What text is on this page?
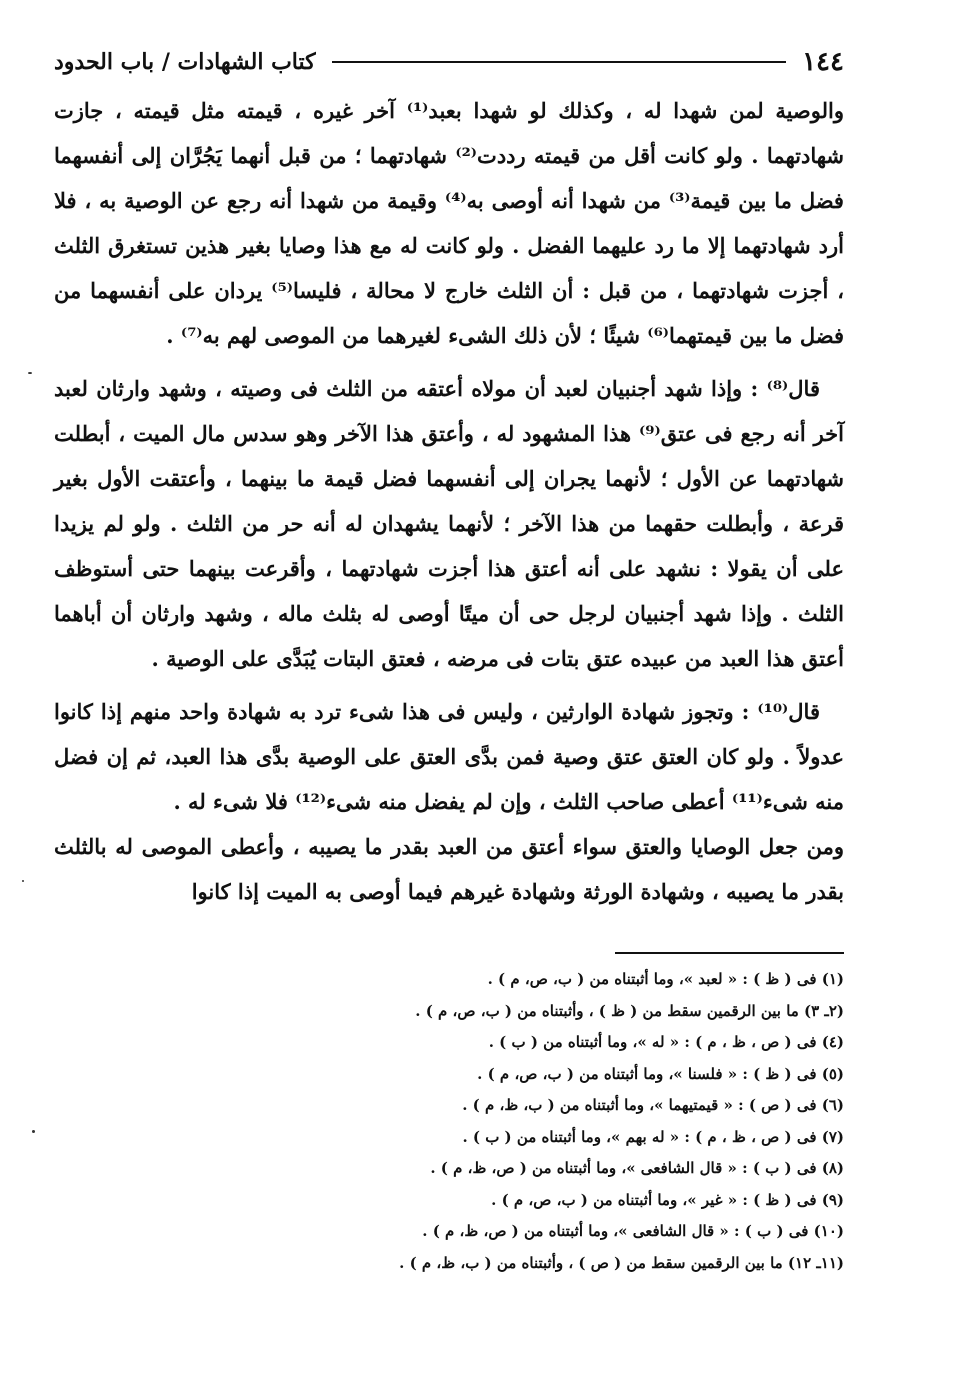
١٤٤
كتاب الشهادات / باب الحدود

والوصية لمن شهدا له ، وكذلك لو شهدا بعبد⁽¹⁾ آخر غيره ، قيمته مثل قيمته ، جازت شهادتهما . ولو كانت أقل من قيمته رددت⁽²⁾ شهادتهما ؛ من قبل أنهما يَجُرَّان إلى أنفسهما فضل ما بين قيمة⁽³⁾ من شهدا أنه أوصى به⁽⁴⁾ وقيمة من شهدا أنه رجع عن الوصية به ، فلا أرد شهادتهما إلا ما رد عليهما الفضل . ولو كانت له مع هذا وصايا بغير هذين تستغرق الثلث ، أجزت شهادتهما ، من قبل : أن الثلث خارج لا محالة ، فليسا⁽⁵⁾ يردان على أنفسهما من فضل ما بين قيمتهما⁽⁶⁾ شيئًا ؛ لأن ذلك الشىء لغيرهما من الموصى لهم به⁽⁷⁾ .

قال⁽⁸⁾ : وإذا شهد أجنبيان لعبد أن مولاه أعتقه من الثلث فى وصيته ، وشهد وارثان لعبد آخر أنه رجع فى عتق⁽⁹⁾ هذا المشهود له ، وأعتق هذا الآخر وهو سدس مال الميت ، أبطلت شهادتهما عن الأول ؛ لأنهما يجران إلى أنفسهما فضل قيمة ما بينهما ، وأعتقت الأول بغير قرعة ، وأبطلت حقهما من هذا الآخر ؛ لأنهما يشهدان له أنه حر من الثلث . ولو لم يزيدا على أن يقولا : نشهد على أنه أعتق هذا أجزت شهادتهما ، وأقرعت بينهما حتى أستوظف الثلث . وإذا شهد أجنبيان لرجل حى أن ميتًا أوصى له بثلث ماله ، وشهد وارثان أن أباهما أعتق هذا العبد من عبيده عتق بتات فى مرضه ، فعتق البتات يُبَدَّى على الوصية .

قال⁽¹⁰⁾ : وتجوز شهادة الوارثين ، وليس فى هذا شىء ترد به شهادة واحد منهم إذا كانوا عدولاً . ولو كان العتق عتق وصية فمن بدَّى العتق على الوصية بدَّى هذا العبد، ثم إن فضل منه شىء⁽¹¹⁾ أعطى صاحب الثلث ، وإن لم يفضل منه شىء⁽¹²⁾ فلا شىء له .

ومن جعل الوصايا والعتق سواء أعتق من العبد بقدر ما يصيبه ، وأعطى الموصى له بالثلث بقدر ما يصيبه ، وشهادة الورثة وشهادة غيرهم فيما أوصى به الميت إذا كانوا

(١) فى ( ظ ) : « لعبد »، وما أثبتناه من ( ب، ص، م ) .
(٢ـ ٣) ما بين الرقمين سقط من ( ظ ) ، وأثبتناه من ( ب، ص، م ) .
(٤) فى ( ص ، ظ ، م ) : « له »، وما أثبتناه من ( ب ) .
(٥) فى ( ظ ) : « فلسنا »، وما أثبتناه من ( ب، ص، م ) .
(٦) فى ( ص ) : « قيمتيهما »، وما أثبتناه من ( ب، ظ، م ) .
(٧) فى ( ص ، ظ ، م ) : « له بهم »، وما أثبتناه من ( ب ) .
(٨) فى ( ب ) : « قال الشافعى »، وما أثبتناه من ( ص، ظ، م ) .
(٩) فى ( ظ ) : « غير »، وما أثبتناه من ( ب، ص، م ) .
(١٠) فى ( ب ) : « قال الشافعى »، وما أثبتناه من ( ص، ظ، م ) .
(١١ـ ١٢) ما بين الرقمين سقط من ( ص ) ، وأثبتناه من ( ب، ظ، م ) .
